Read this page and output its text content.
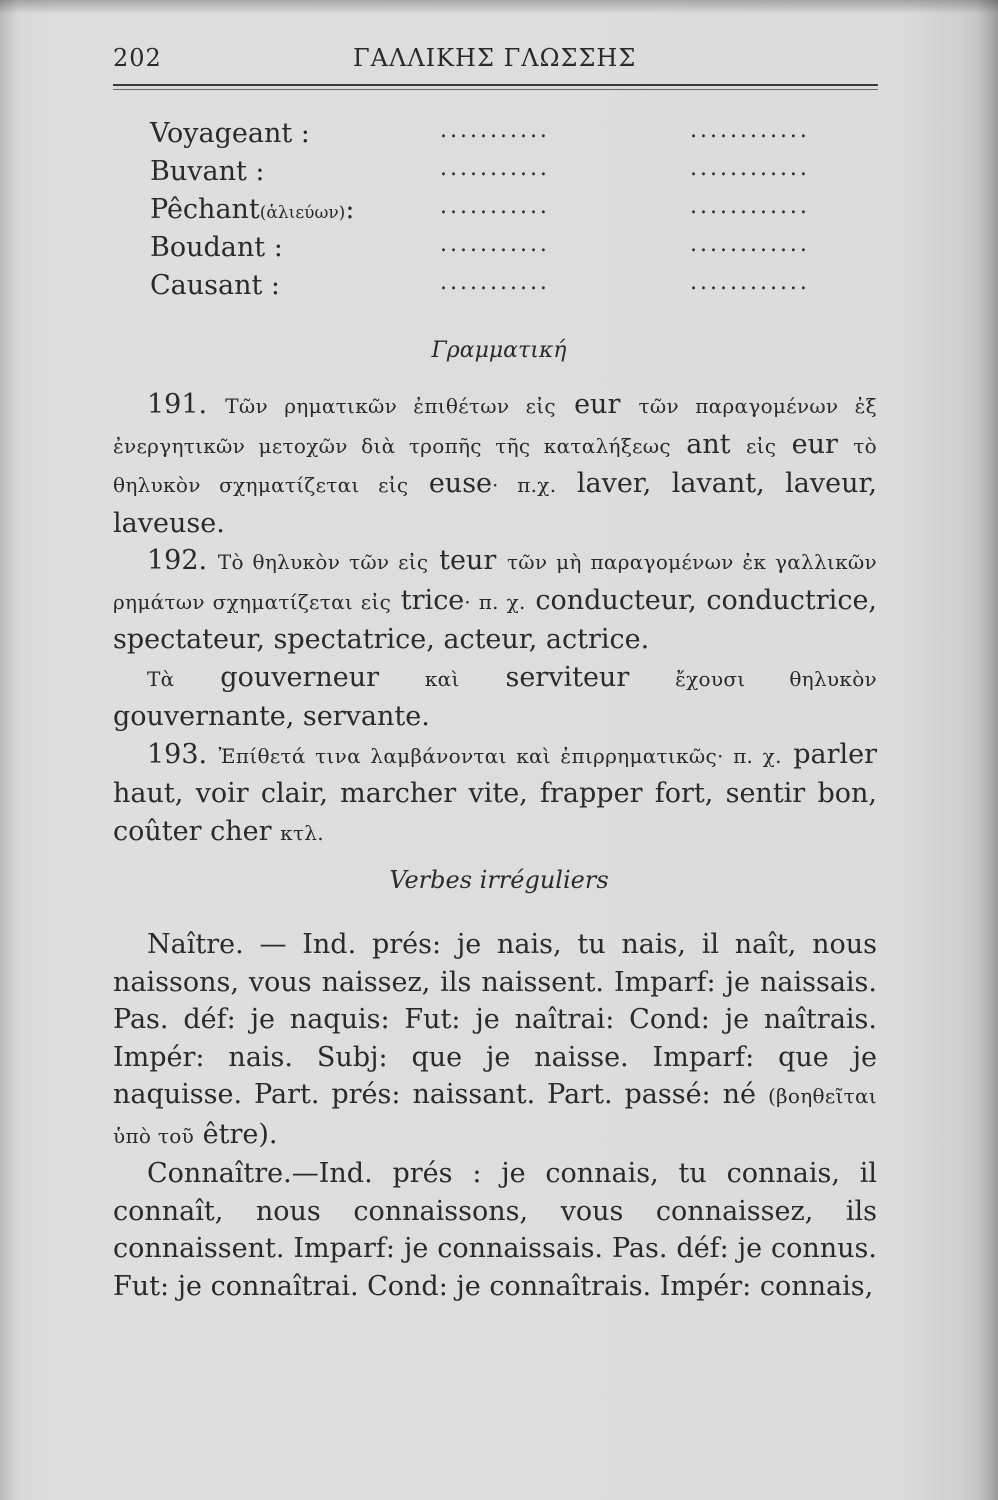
202	ΓΑΛΛΙΚΗΣ ΓΛΩΣΣΗΣ
Voyageant :	...........	............
Buvant :	...........	............
Pêchant(ἁλιεύων):	...........	............
Boudant :	...........	............
Causant :	...........	............
Γραμματική

191. Τῶν ρηματικῶν ἐπιθέτων εἰς eur τῶν παραγομένων ἐξ ἐνεργητικῶν μετοχῶν διὰ τροπῆς τῆς καταλήξεως ant εἰς eur τὸ θηλυκὸν σχηματίζεται εἰς euse· π.χ. laver, lavant, laveur, laveuse.

192. Τὸ θηλυκὸν τῶν εἰς teur τῶν μὴ παραγομένων ἐκ γαλλικῶν ρημάτων σχηματίζεται εἰς trice· π. χ. conducteur, conductrice, spectateur, spectatrice, acteur, actrice.

Τὰ gouverneur καὶ serviteur ἔχουσι θηλυκὸν gouvernante, servante.

193. Ἐπίθετά τινα λαμβάνονται καὶ ἐπιρρηματικῶς· π. χ. parler haut, voir clair, marcher vite, frapper fort, sentir bon, coûter cher κτλ.

Verbes irréguliers

Naître. — Ind. prés: je nais, tu nais, il naît, nous naissons, vous naissez, ils naissent. Imparf: je naissais. Pas. déf: je naquis: Fut: je naîtrai: Cond: je naîtrais. Impér: nais. Subj: que je naisse. Imparf: que je naquisse. Part. prés: naissant. Part. passé: né (βοηθεῖται ὑπὸ τοῦ être).

Connaître.—Ind. prés : je connais, tu connais, il connaît, nous connaissons, vous connaissez, ils connaissent. Imparf: je connaissais. Pas. déf: je connus. Fut: je connaîtrai. Cond: je connaîtrais. Impér: connais,
